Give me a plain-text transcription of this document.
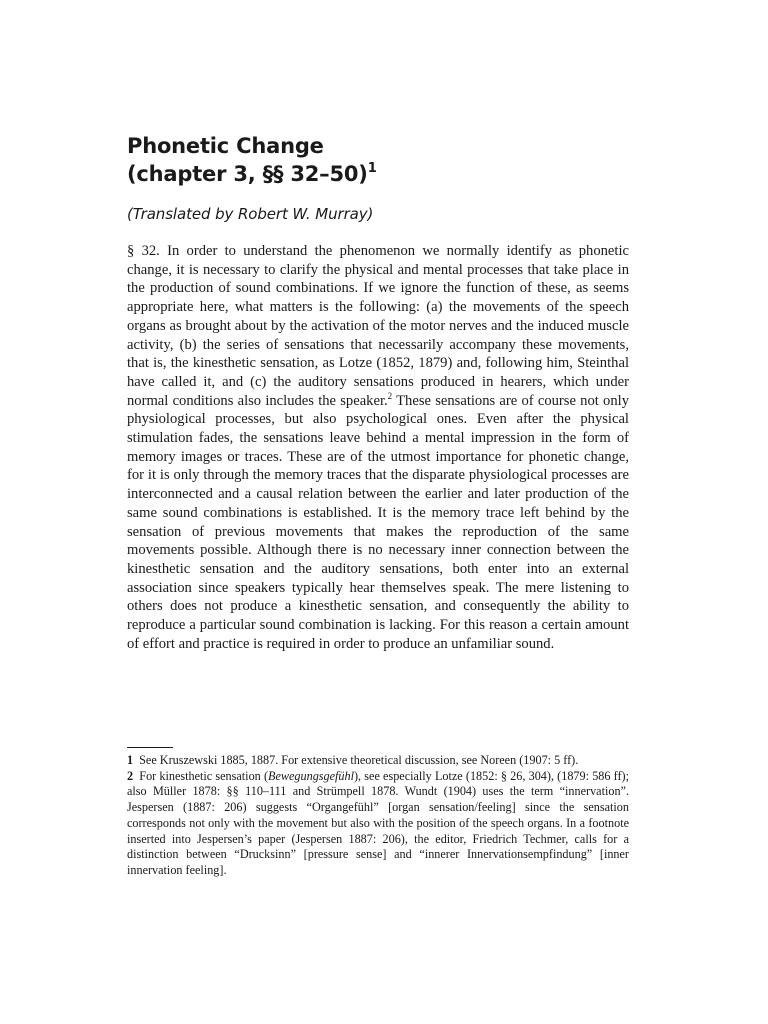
Phonetic Change
(chapter 3, §§ 32–50)$^1$

(Translated by Robert W. Murray)

§ 32. In order to understand the phenomenon we normally identify as phonetic change, it is necessary to clarify the physical and mental processes that take place in the production of sound combinations. If we ignore the function of these, as seems appropriate here, what matters is the following: (a) the movements of the speech organs as brought about by the activation of the motor nerves and the induced muscle activity, (b) the series of sensations that necessarily accompany these movements, that is, the kinesthetic sensation, as Lotze (1852, 1879) and, following him, Steinthal have called it, and (c) the auditory sensations produced in hearers, which under normal conditions also includes the speaker.$^2$ These sensations are of course not only physiological processes, but also psychological ones. Even after the physical stimulation fades, the sensations leave behind a mental impression in the form of memory images or traces. These are of the utmost importance for phonetic change, for it is only through the memory traces that the disparate physiological processes are interconnected and a causal relation between the earlier and later production of the same sound combinations is established. It is the memory trace left behind by the sensation of previous movements that makes the reproduction of the same movements possible. Although there is no necessary inner connection between the kinesthetic sensation and the auditory sensations, both enter into an external association since speakers typically hear themselves speak. The mere listening to others does not produce a kinesthetic sensation, and consequently the ability to reproduce a particular sound combination is lacking. For this reason a certain amount of effort and practice is required in order to produce an unfamiliar sound.

1 See Kruszewski 1885, 1887. For extensive theoretical discussion, see Noreen (1907: 5 ff).

2 For kinesthetic sensation (Bewegungsgefühl), see especially Lotze (1852: § 26, 304), (1879: 586 ff); also Müller 1878: §§ 110–111 and Strümpell 1878. Wundt (1904) uses the term “innervation”. Jespersen (1887: 206) suggests “Organgefühl” [organ sensation/feeling] since the sensation corresponds not only with the movement but also with the position of the speech organs. In a footnote inserted into Jespersen’s paper (Jespersen 1887: 206), the editor, Friedrich Techmer, calls for a distinction between “Drucksinn” [pressure sense] and “innerer Innervationsempfindung” [inner innervation feeling].
